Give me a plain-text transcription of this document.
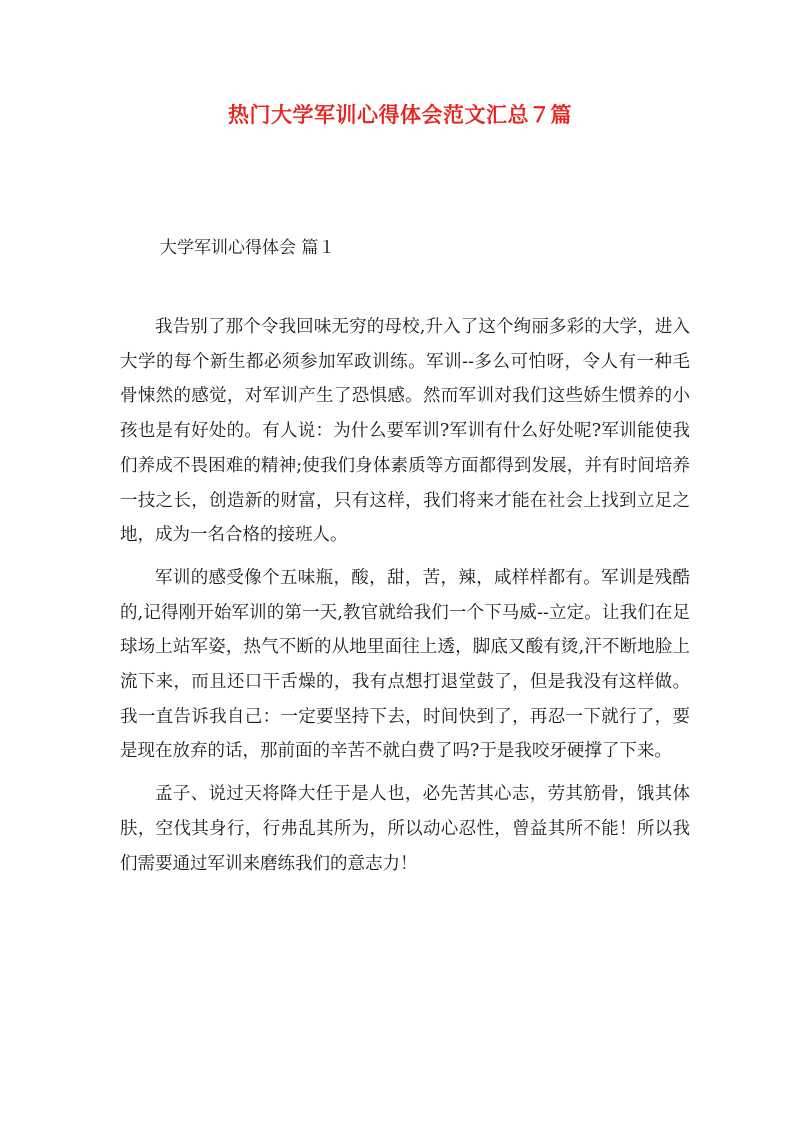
热门大学军训心得体会范文汇总７篇
大学军训心得体会 篇１

我告别了那个令我回味无穷的母校,升入了这个绚丽多彩的大学，进入大学的每个新生都必须参加军政训练。军训--多么可怕呀，令人有一种毛骨悚然的感觉，对军训产生了恐惧感。然而军训对我们这些娇生惯养的小孩也是有好处的。有人说：为什么要军训?军训有什么好处呢?军训能使我们养成不畏困难的精神;使我们身体素质等方面都得到发展，并有时间培养一技之长，创造新的财富，只有这样，我们将来才能在社会上找到立足之地，成为一名合格的接班人。

军训的感受像个五味瓶，酸，甜，苦，辣，咸样样都有。军训是残酷的,记得刚开始军训的第一天,教官就给我们一个下马威--立定。让我们在足球场上站军姿，热气不断的从地里面往上透，脚底又酸有烫,汗不断地脸上流下来，而且还口干舌燥的，我有点想打退堂鼓了，但是我没有这样做。我一直告诉我自己：一定要坚持下去，时间快到了，再忍一下就行了，要是现在放弃的话，那前面的辛苦不就白费了吗?于是我咬牙硬撑了下来。

孟子、说过天将降大任于是人也，必先苦其心志，劳其筋骨，饿其体肤，空伐其身行，行弗乱其所为，所以动心忍性，曾益其所不能！所以我们需要通过军训来磨练我们的意志力！
